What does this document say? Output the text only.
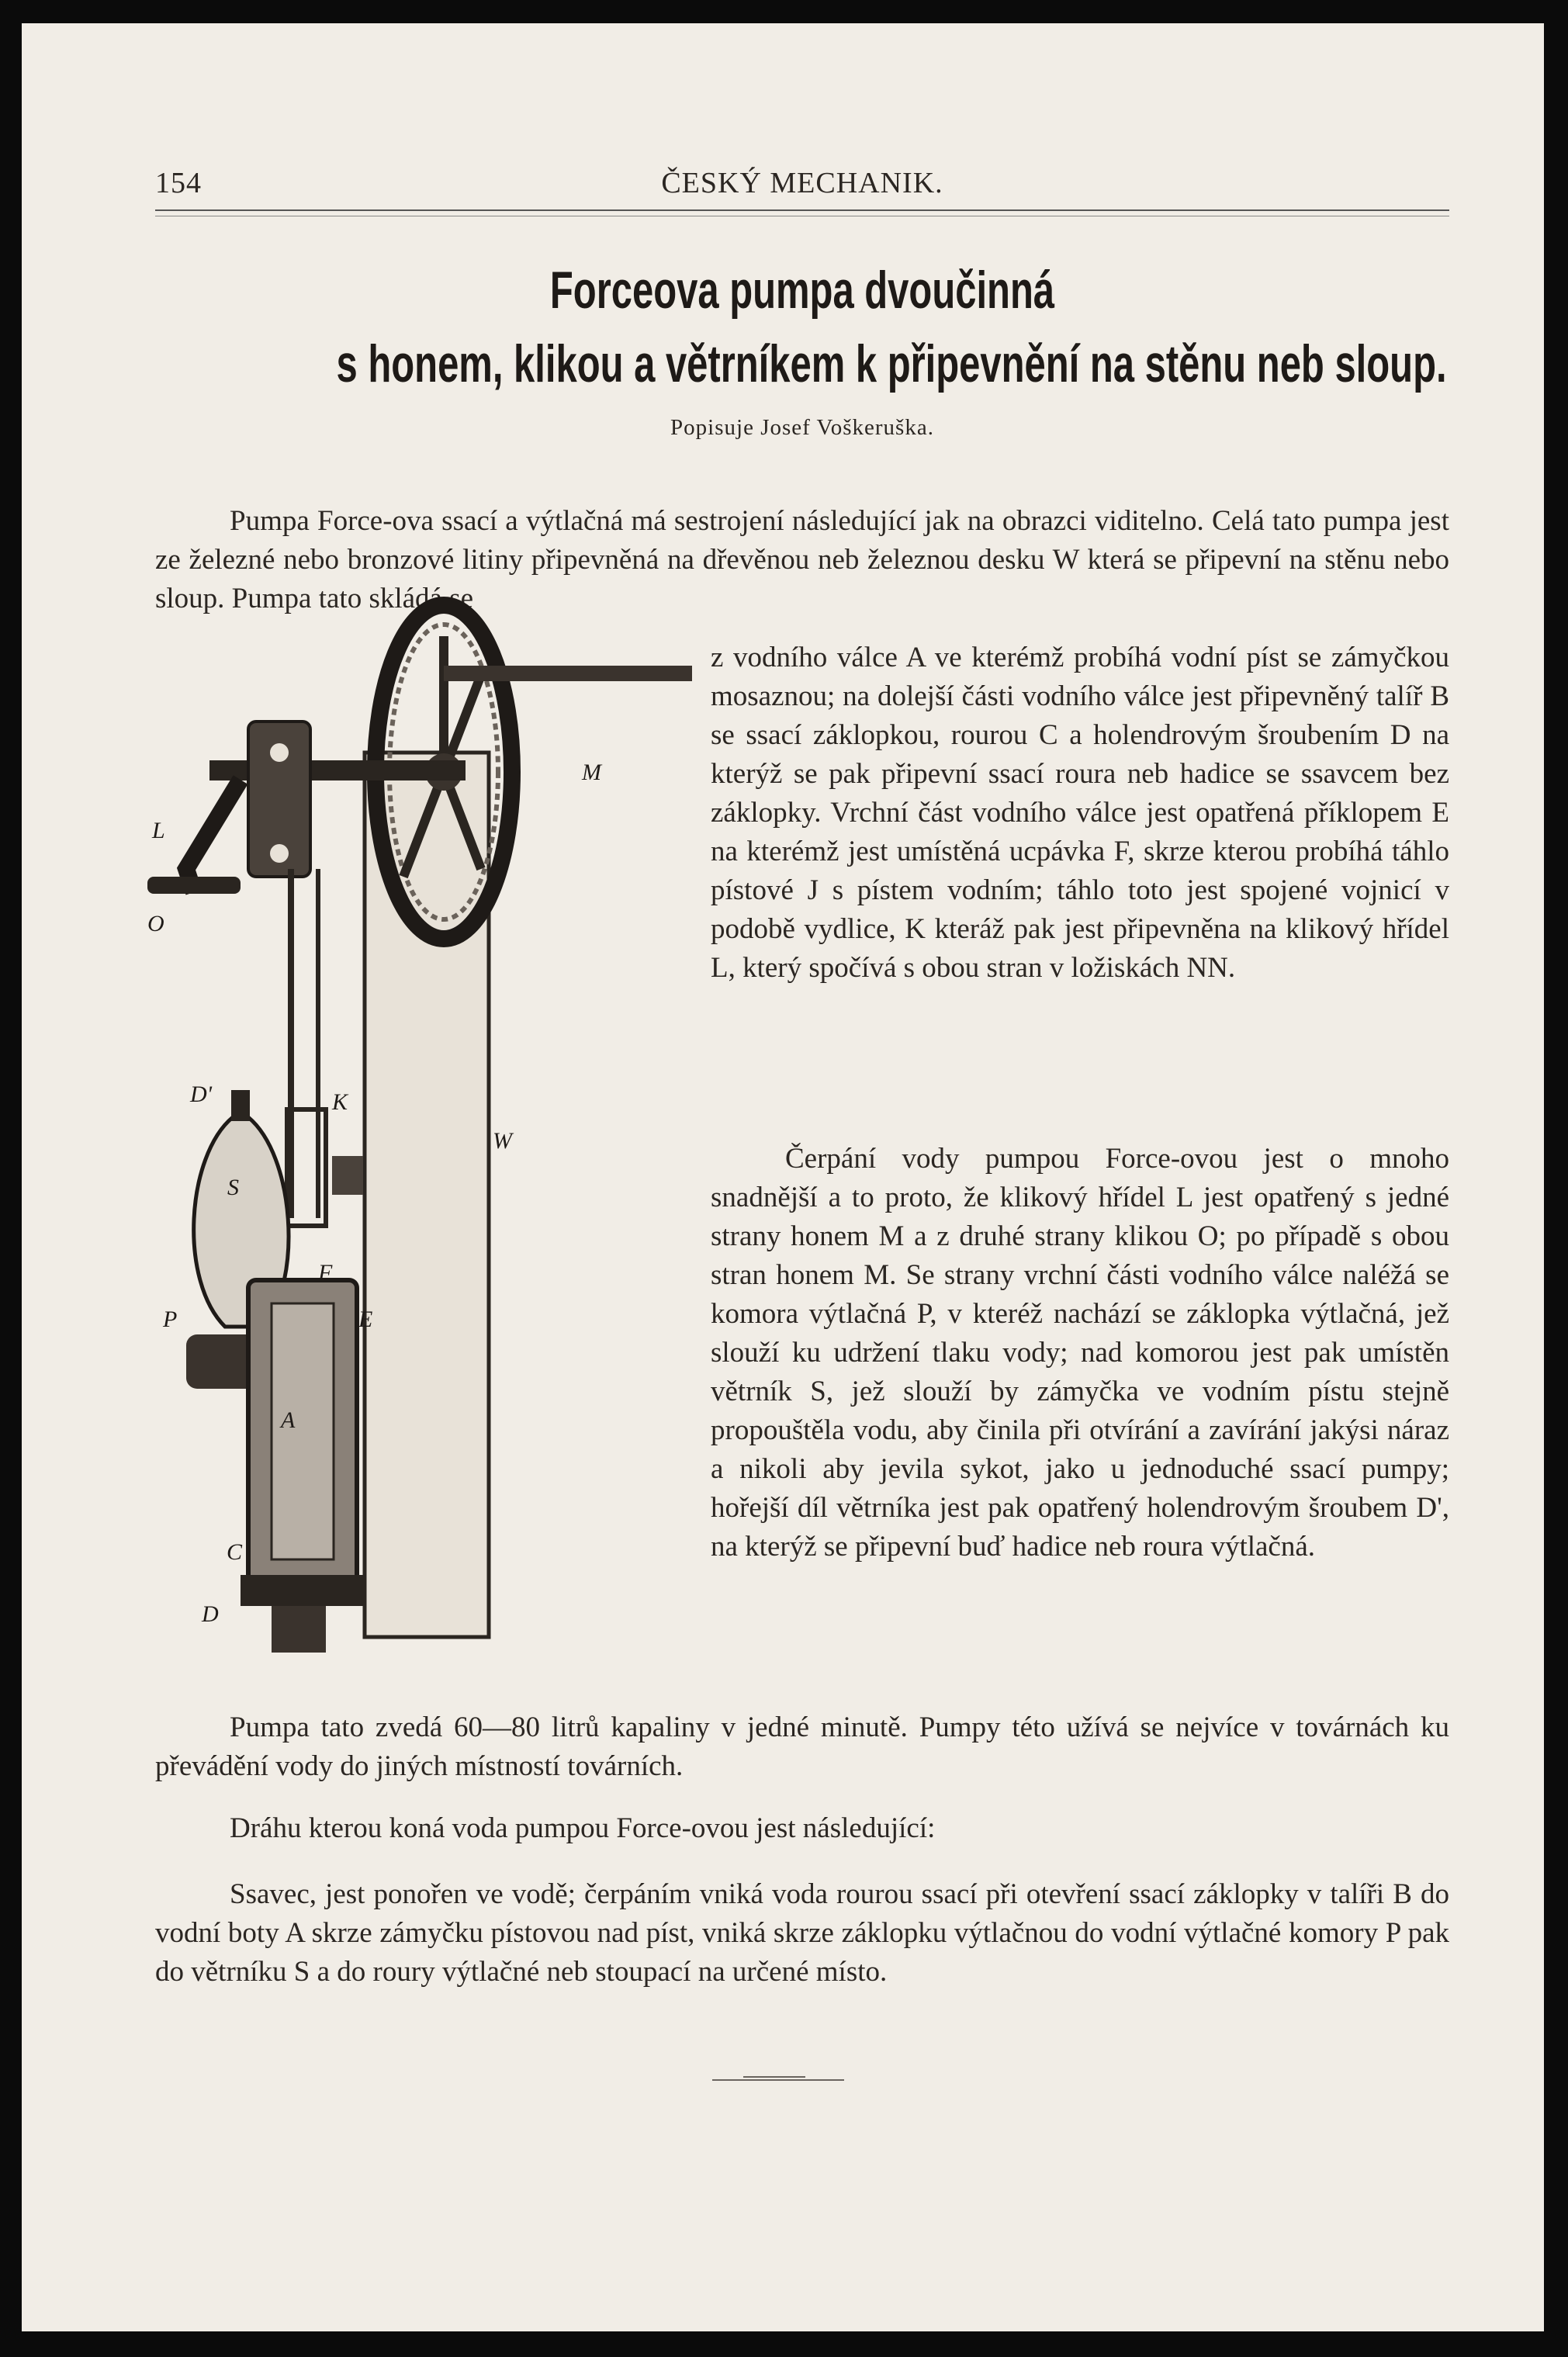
154	ČESKÝ MECHANIK.
Forceova pumpa dvoučinná
s honem, klikou a větrníkem k připevnění na stěnu neb sloup.
Popisuje Josef Voškeruška.

Pumpa Force-ova ssací a výtlačná má sestrojení následující jak na obrazci viditelno. Celá tato pumpa jest ze železné nebo bronzové litiny připevněná na dřevěnou neb železnou desku W která se připevní na stěnu nebo sloup. Pumpa tato skládá se

L
O
M
D'
S
K
W
F
E
P
A
C
D

z vodního válce A ve kterémž probíhá vodní píst se zámyčkou mosaznou; na dolejší části vodního válce jest připevněný talíř B se ssací záklopkou, rourou C a holendrovým šroubením D na kterýž se pak připevní ssací roura neb hadice se ssavcem bez záklopky. Vrchní část vodního válce jest opatřená příklopem E na kterémž jest umístěná ucpávka F, skrze kterou probíhá táhlo pístové J s pístem vodním; táhlo toto jest spojené vojnicí v podobě vydlice, K kteráž pak jest připevněna na klikový hřídel L, který spočívá s obou stran v ložiskách NN.

Čerpání vody pumpou Force-ovou jest o mnoho snadnější a to proto, že klikový hřídel L jest opatřený s jedné strany honem M a z druhé strany klikou O; po případě s obou stran honem M. Se strany vrchní části vodního válce naléžá se komora výtlačná P, v kteréž nachází se záklopka výtlačná, jež slouží ku udržení tlaku vody; nad komorou jest pak umístěn větrník S, jež slouží by zámyčka ve vodním pístu stejně propouštěla vodu, aby činila při otvírání a zavírání jakýsi náraz a nikoli aby jevila sykot, jako u jednoduché ssací pumpy; hořejší díl větrníka jest pak opatřený holendrovým šroubem D', na kterýž se připevní buď hadice neb roura výtlačná.

Pumpa tato zvedá 60—80 litrů kapaliny v jedné minutě. Pumpy této užívá se nejvíce v továrnách ku převádění vody do jiných místností továrních.

Dráhu kterou koná voda pumpou Force-ovou jest následující:

Ssavec, jest ponořen ve vodě; čerpáním vniká voda rourou ssací při otevření ssací záklopky v talíři B do vodní boty A skrze zámyčku pístovou nad píst, vniká skrze záklopku výtlačnou do vodní výtlačné komory P pak do větrníku S a do roury výtlačné neb stoupací na určené místo.
